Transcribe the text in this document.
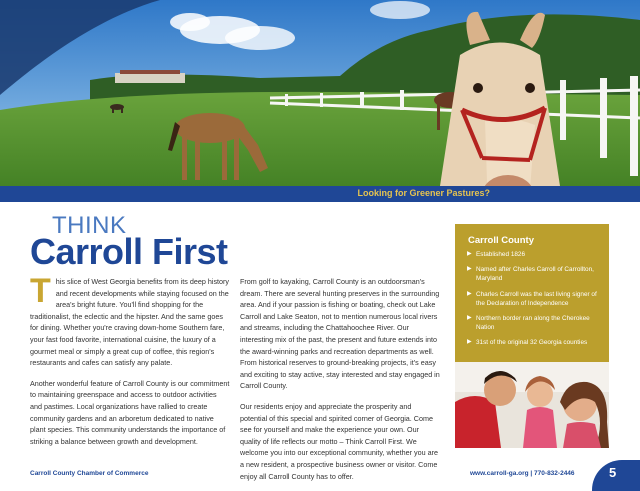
Looking for Greener Pastures?
THINK
Carroll First

T his slice of West Georgia benefits from its deep history and recent developments while staying focused on the area's bright future. You'll find shopping for the traditionalist, the eclectic and the hipster. And the same goes for dining. Whether you're craving down-home Southern fare, your fast food favorite, international cuisine, the luxury of a gourmet meal or simply a great cup of coffee, this region's restaurants and cafes can satisfy any palate.

Another wonderful feature of Carroll County is our commitment to maintaining greenspace and access to outdoor activities and pastimes. Local organizations have rallied to create community gardens and an arboretum dedicated to native plant species. This community understands the importance of striking a balance between growth and development.

From golf to kayaking, Carroll County is an outdoorsman's dream. There are several hunting preserves in the surrounding area. And if your passion is fishing or boating, check out Lake Carroll and Lake Seaton, not to mention numerous local rivers and streams, including the Chattahoochee River. Our interesting mix of the past, the present and future extends into the award-winning parks and recreation departments as well. From historical reserves to ground-breaking projects, it's easy and exciting to stay active, stay interested and stay engaged in Carroll County.

Our residents enjoy and appreciate the prosperity and potential of this special and spirited corner of Georgia. Come see for yourself and make the experience your own. Our quality of life reflects our motto – Think Carroll First. We welcome you into our exceptional community, whether you are a new resident, a prospective business owner or visitor. Come enjoy all Carroll County has to offer.

Carroll County
▶ Established 1826
▶ Named after Charles Carroll of Carrollton, Maryland
▶ Charles Carroll was the last living signer of the Declaration of Independence
▶ Northern border ran along the Cherokee Nation
▶ 31st of the original 32 Georgia counties
Carroll County Chamber of Commerce	www.carroll-ga.org | 770-832-2446	5
